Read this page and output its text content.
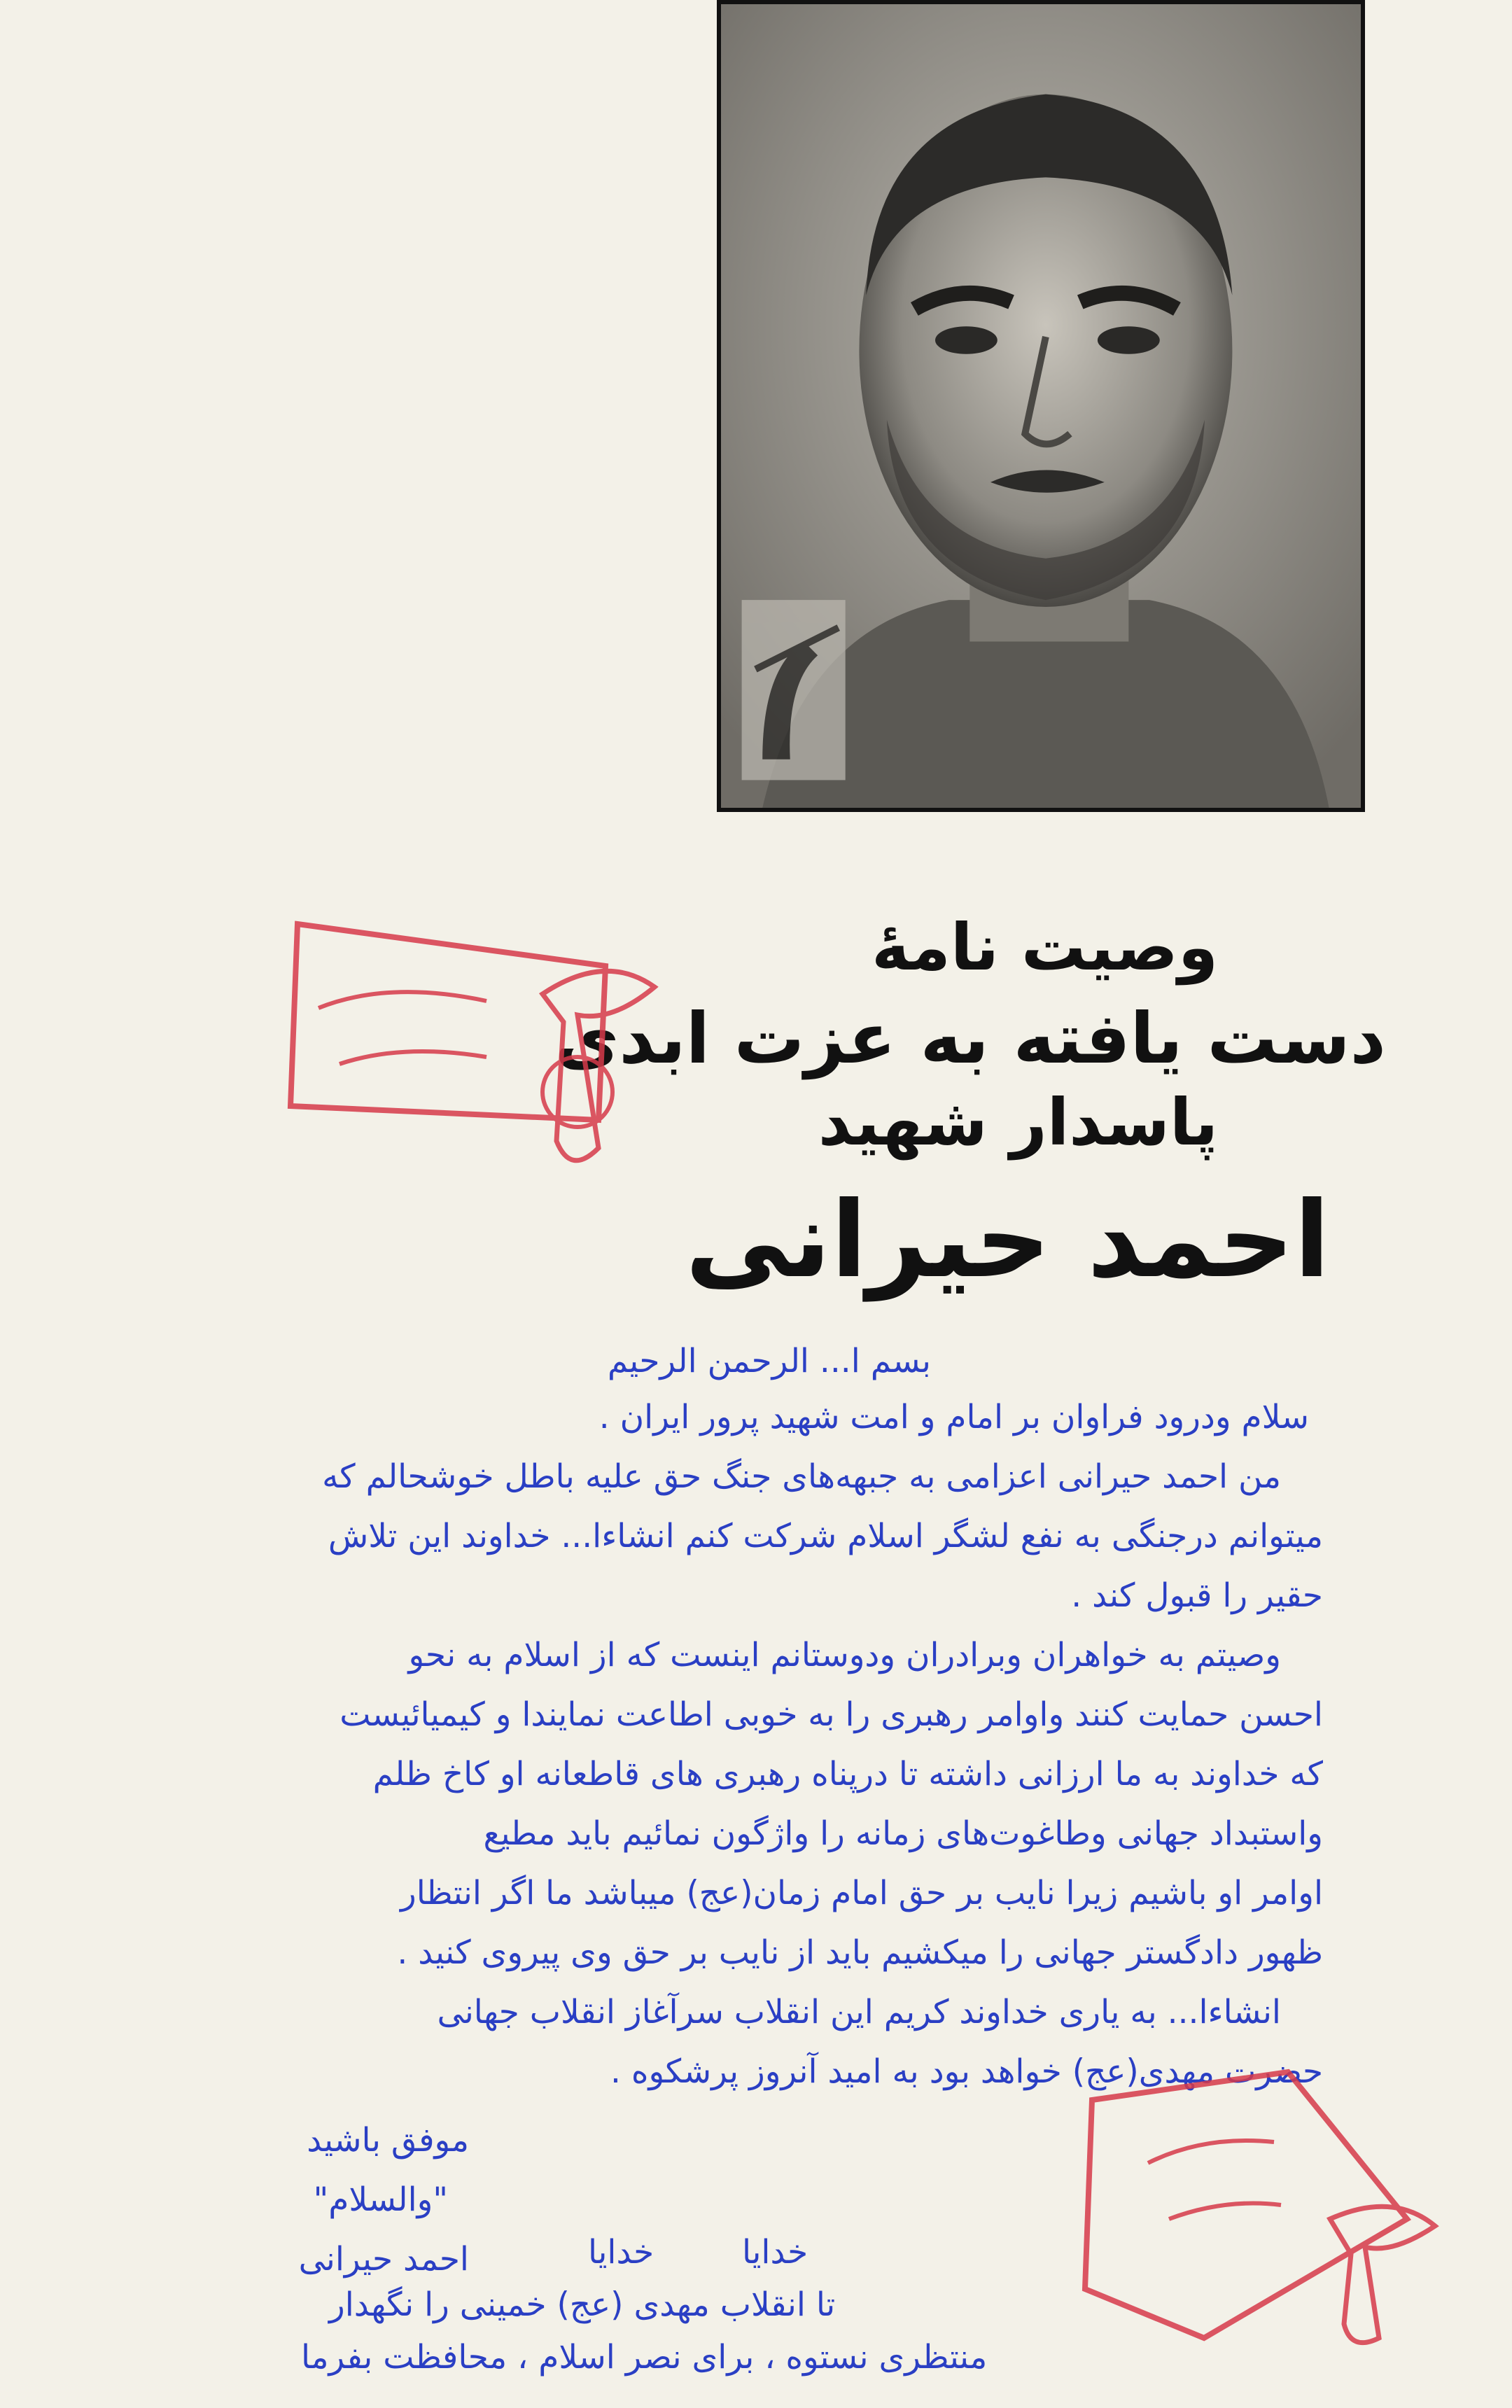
وصیت نامهٔ
دست یافته به عزت ابدی
پاسدار شهید
احمد حیرانی
بسم ا... الرحمن الرحیم
سلام ودرود فراوان بر امام و امت شهید پرور ایران .
من احمد حیرانی اعزامی به جبهه‌های جنگ حق علیه باطل خوشحالم که
میتوانم درجنگی به نفع لشگر اسلام شرکت کنم انشاءا... خداوند این تلاش
حقیر را قبول کند .
وصیتم به خواهران وبرادران ودوستانم اینست که از اسلام به نحو
احسن حمایت کنند واوامر رهبری را به خوبی اطاعت نمایندا و کیمیائیست
که خداوند به ما ارزانی داشته تا درپناه رهبری های قاطعانه او کاخ ظلم
واستبداد جهانی وطاغوت‌های زمانه را واژگون نمائیم باید مطیع
اوامر او باشیم زیرا نایب بر حق امام زمان(عج) میباشد ما اگر انتظار
ظهور دادگستر جهانی را میکشیم باید از نایب بر حق وی پیروی کنید .
انشاءا... به یاری خداوند کریم این انقلاب سرآغاز انقلاب جهانی
حضرت مهدی(عج) خواهد بود به امید آنروز پرشکوه .
موفق باشید
"والسلام"
احمد حیرانی	خدایا
خدایا
تا انقلاب مهدی (عج) خمینی را نگهدار
منتظری نستوه ، برای نصر اسلام ، محافظت بفرما
